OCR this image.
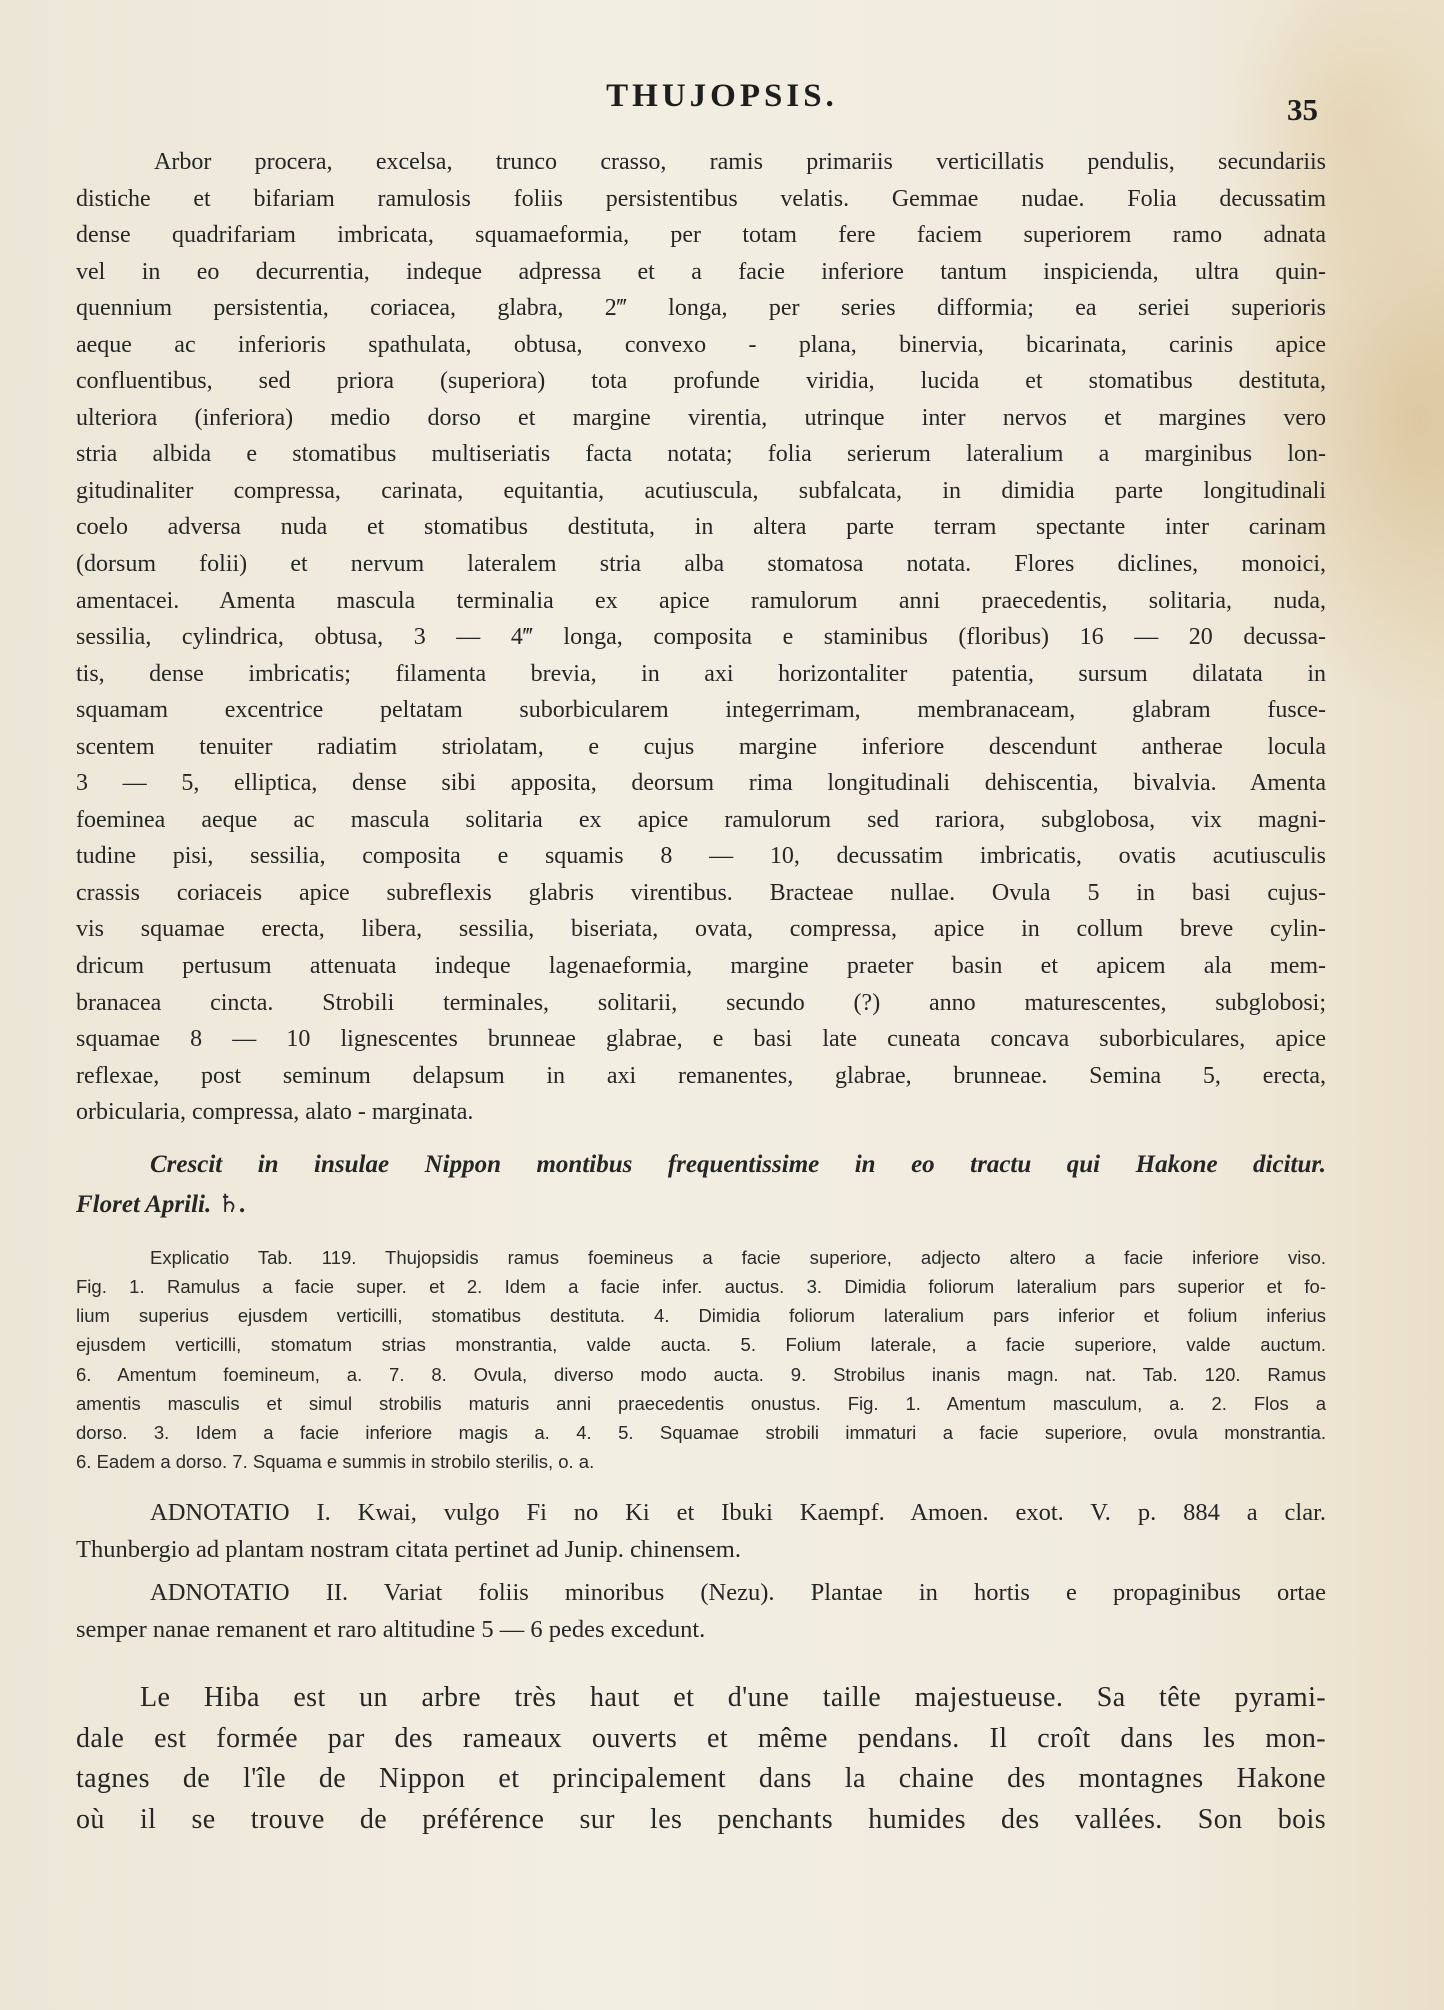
THUJOPSIS.	35
Arbor procera, excelsa, trunco crasso, ramis primariis verticillatis pendulis, secundariis
distiche et bifariam ramulosis foliis persistentibus velatis. Gemmae nudae. Folia decussatim
dense quadrifariam imbricata, squamaeformia, per totam fere faciem superiorem ramo adnata
vel in eo decurrentia, indeque adpressa et a facie inferiore tantum inspicienda, ultra quin-
quennium persistentia, coriacea, glabra, 2‴ longa, per series difformia; ea seriei superioris
aeque ac inferioris spathulata, obtusa, convexo - plana, binervia, bicarinata, carinis apice
confluentibus, sed priora (superiora) tota profunde viridia, lucida et stomatibus destituta,
ulteriora (inferiora) medio dorso et margine virentia, utrinque inter nervos et margines vero
stria albida e stomatibus multiseriatis facta notata; folia serierum lateralium a marginibus lon-
gitudinaliter compressa, carinata, equitantia, acutiuscula, subfalcata, in dimidia parte longitudinali
coelo adversa nuda et stomatibus destituta, in altera parte terram spectante inter carinam
(dorsum folii) et nervum lateralem stria alba stomatosa notata. Flores diclines, monoici,
amentacei. Amenta mascula terminalia ex apice ramulorum anni praecedentis, solitaria, nuda,
sessilia, cylindrica, obtusa, 3 — 4‴ longa, composita e staminibus (floribus) 16 — 20 decussa-
tis, dense imbricatis; filamenta brevia, in axi horizontaliter patentia, sursum dilatata in
squamam excentrice peltatam suborbicularem integerrimam, membranaceam, glabram fusce-
scentem tenuiter radiatim striolatam, e cujus margine inferiore descendunt antherae locula
3 — 5, elliptica, dense sibi apposita, deorsum rima longitudinali dehiscentia, bivalvia. Amenta
foeminea aeque ac mascula solitaria ex apice ramulorum sed rariora, subglobosa, vix magni-
tudine pisi, sessilia, composita e squamis 8 — 10, decussatim imbricatis, ovatis acutiusculis
crassis coriaceis apice subreflexis glabris virentibus. Bracteae nullae. Ovula 5 in basi cujus-
vis squamae erecta, libera, sessilia, biseriata, ovata, compressa, apice in collum breve cylin-
dricum pertusum attenuata indeque lagenaeformia, margine praeter basin et apicem ala mem-
branacea cincta. Strobili terminales, solitarii, secundo (?) anno maturescentes, subglobosi;
squamae 8 — 10 lignescentes brunneae glabrae, e basi late cuneata concava suborbiculares, apice
reflexae, post seminum delapsum in axi remanentes, glabrae, brunneae. Semina 5, erecta,
orbicularia, compressa, alato - marginata.
Crescit in insulae Nippon montibus frequentissime in eo tractu qui Hakone dicitur.
Floret Aprili. ♄.
Explicatio Tab. 119. Thujopsidis ramus foemineus a facie superiore, adjecto altero a facie inferiore viso.
Fig. 1. Ramulus a facie super. et 2. Idem a facie infer. auctus. 3. Dimidia foliorum lateralium pars superior et fo-
lium superius ejusdem verticilli, stomatibus destituta. 4. Dimidia foliorum lateralium pars inferior et folium inferius
ejusdem verticilli, stomatum strias monstrantia, valde aucta. 5. Folium laterale, a facie superiore, valde auctum.
6. Amentum foemineum, a. 7. 8. Ovula, diverso modo aucta. 9. Strobilus inanis magn. nat. Tab. 120. Ramus
amentis masculis et simul strobilis maturis anni praecedentis onustus. Fig. 1. Amentum masculum, a. 2. Flos a
dorso. 3. Idem a facie inferiore magis a. 4. 5. Squamae strobili immaturi a facie superiore, ovula monstrantia.
6. Eadem a dorso. 7. Squama e summis in strobilo sterilis, o. a.
ADNOTATIO I. Kwai, vulgo Fi no Ki et Ibuki Kaempf. Amoen. exot. V. p. 884 a clar.
Thunbergio ad plantam nostram citata pertinet ad Junip. chinensem.
ADNOTATIO II. Variat foliis minoribus (Nezu). Plantae in hortis e propaginibus ortae
semper nanae remanent et raro altitudine 5 — 6 pedes excedunt.
Le Hiba est un arbre très haut et d'une taille majestueuse. Sa tête pyrami-
dale est formée par des rameaux ouverts et même pendans. Il croît dans les mon-
tagnes de l'île de Nippon et principalement dans la chaine des montagnes Hakone
où il se trouve de préférence sur les penchants humides des vallées. Son bois
